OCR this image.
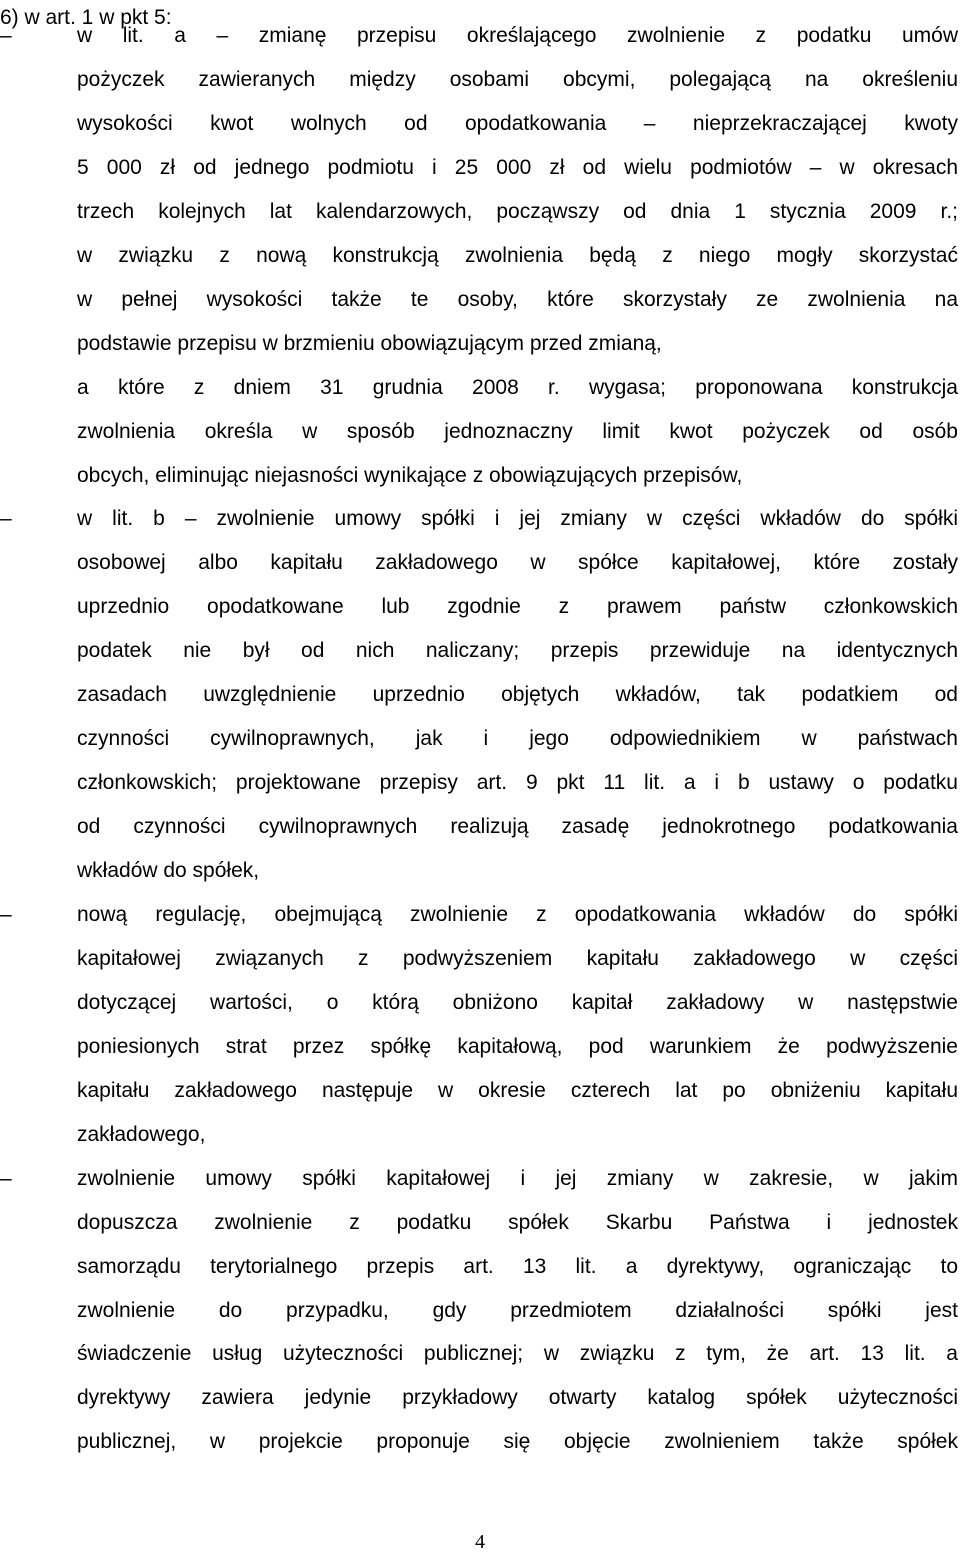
6) w art. 1 w pkt 5:
–	w lit. a – zmianę przepisu określającego zwolnienie z podatku umów
pożyczek zawieranych między osobami obcymi, polegającą na określeniu
wysokości kwot wolnych od opodatkowania – nieprzekraczającej kwoty
5 000 zł od jednego podmiotu i 25 000 zł od wielu podmiotów – w okresach
trzech kolejnych lat kalendarzowych, począwszy od dnia 1 stycznia 2009 r.;
w związku z nową konstrukcją zwolnienia będą z niego mogły skorzystać
w pełnej wysokości także te osoby, które skorzystały ze zwolnienia na
podstawie przepisu w brzmieniu obowiązującym przed zmianą,
a które z dniem 31 grudnia 2008 r. wygasa; proponowana konstrukcja
zwolnienia określa w sposób jednoznaczny limit kwot pożyczek od osób
obcych, eliminując niejasności wynikające z obowiązujących przepisów,
–	w lit. b – zwolnienie umowy spółki i jej zmiany w części wkładów do spółki
osobowej albo kapitału zakładowego w spółce kapitałowej, które zostały
uprzednio opodatkowane lub zgodnie z prawem państw członkowskich
podatek nie był od nich naliczany; przepis przewiduje na identycznych
zasadach uwzględnienie uprzednio objętych wkładów, tak podatkiem od
czynności cywilnoprawnych, jak i jego odpowiednikiem w państwach
członkowskich; projektowane przepisy art. 9 pkt 11 lit. a i b ustawy o podatku
od czynności cywilnoprawnych realizują zasadę jednokrotnego podatkowania
wkładów do spółek,
–	nową regulację, obejmującą zwolnienie z opodatkowania wkładów do spółki
kapitałowej związanych z podwyższeniem kapitału zakładowego w części
dotyczącej wartości, o którą obniżono kapitał zakładowy w następstwie
poniesionych strat przez spółkę kapitałową, pod warunkiem że podwyższenie
kapitału zakładowego następuje w okresie czterech lat po obniżeniu kapitału
zakładowego,
–	zwolnienie umowy spółki kapitałowej i jej zmiany w zakresie, w jakim
dopuszcza zwolnienie z podatku spółek Skarbu Państwa i jednostek
samorządu terytorialnego przepis art. 13 lit. a dyrektywy, ograniczając to
zwolnienie do przypadku, gdy przedmiotem działalności spółki jest
świadczenie usług użyteczności publicznej; w związku z tym, że art. 13 lit. a
dyrektywy zawiera jedynie przykładowy otwarty katalog spółek użyteczności
publicznej, w projekcie proponuje się objęcie zwolnieniem także spółek
4
